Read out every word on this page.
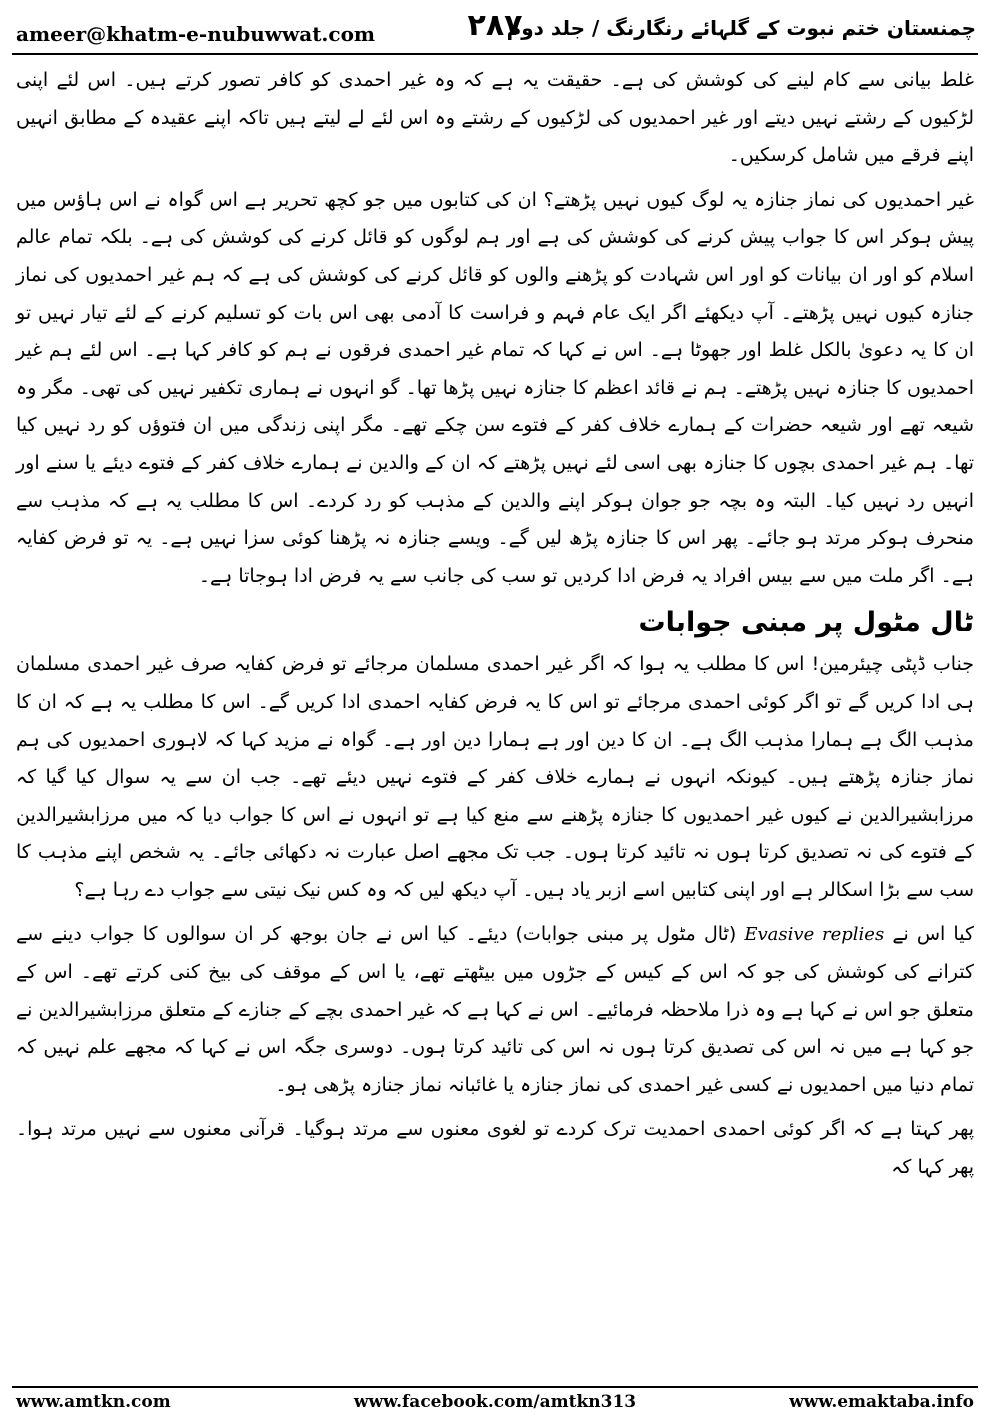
ameer@khatm-e-nubuwwat.com	۲۸۷
چمنستان ختم نبوت کے گلہائے رنگارنگ / جلد دوم

غلط بیانی سے کام لینے کی کوشش کی ہے۔ حقیقت یہ ہے کہ وہ غیر احمدی کو کافر تصور کرتے ہیں۔ اس لئے اپنی لڑکیوں کے رشتے نہیں دیتے اور غیر احمدیوں کی لڑکیوں کے رشتے وہ اس لئے لے لیتے ہیں تاکہ اپنے عقیدہ کے مطابق انہیں اپنے فرقے میں شامل کرسکیں۔

غیر احمدیوں کی نماز جنازہ یہ لوگ کیوں نہیں پڑھتے؟ ان کی کتابوں میں جو کچھ تحریر ہے اس گواہ نے اس ہاؤس میں پیش ہوکر اس کا جواب پیش کرنے کی کوشش کی ہے اور ہم لوگوں کو قائل کرنے کی کوشش کی ہے۔ بلکہ تمام عالم اسلام کو اور ان بیانات کو اور اس شہادت کو پڑھنے والوں کو قائل کرنے کی کوشش کی ہے کہ ہم غیر احمدیوں کی نماز جنازہ کیوں نہیں پڑھتے۔ آپ دیکھئے اگر ایک عام فہم و فراست کا آدمی بھی اس بات کو تسلیم کرنے کے لئے تیار نہیں تو ان کا یہ دعویٰ بالکل غلط اور جھوٹا ہے۔ اس نے کہا کہ تمام غیر احمدی فرقوں نے ہم کو کافر کہا ہے۔ اس لئے ہم غیر احمدیوں کا جنازہ نہیں پڑھتے۔ ہم نے قائد اعظم کا جنازہ نہیں پڑھا تھا۔ گو انہوں نے ہماری تکفیر نہیں کی تھی۔ مگر وہ شیعہ تھے اور شیعہ حضرات کے ہمارے خلاف کفر کے فتوے سن چکے تھے۔ مگر اپنی زندگی میں ان فتوؤں کو رد نہیں کیا تھا۔ ہم غیر احمدی بچوں کا جنازہ بھی اسی لئے نہیں پڑھتے کہ ان کے والدین نے ہمارے خلاف کفر کے فتوے دیئے یا سنے اور انہیں رد نہیں کیا۔ البتہ وہ بچہ جو جوان ہوکر اپنے والدین کے مذہب کو رد کردے۔ اس کا مطلب یہ ہے کہ مذہب سے منحرف ہوکر مرتد ہو جائے۔ پھر اس کا جنازہ پڑھ لیں گے۔ ویسے جنازہ نہ پڑھنا کوئی سزا نہیں ہے۔ یہ تو فرض کفایہ ہے۔ اگر ملت میں سے بیس افراد یہ فرض ادا کردیں تو سب کی جانب سے یہ فرض ادا ہوجاتا ہے۔

ٹال مٹول پر مبنی جوابات

جناب ڈپٹی چیئرمین! اس کا مطلب یہ ہوا کہ اگر غیر احمدی مسلمان مرجائے تو فرض کفایہ صرف غیر احمدی مسلمان ہی ادا کریں گے تو اگر کوئی احمدی مرجائے تو اس کا یہ فرض کفایہ احمدی ادا کریں گے۔ اس کا مطلب یہ ہے کہ ان کا مذہب الگ ہے ہمارا مذہب الگ ہے۔ ان کا دین اور ہے ہمارا دین اور ہے۔ گواہ نے مزید کہا کہ لاہوری احمدیوں کی ہم نماز جنازہ پڑھتے ہیں۔ کیونکہ انہوں نے ہمارے خلاف کفر کے فتوے نہیں دیئے تھے۔ جب ان سے یہ سوال کیا گیا کہ مرزابشیرالدین نے کیوں غیر احمدیوں کا جنازہ پڑھنے سے منع کیا ہے تو انہوں نے اس کا جواب دیا کہ میں مرزابشیرالدین کے فتوے کی نہ تصدیق کرتا ہوں نہ تائید کرتا ہوں۔ جب تک مجھے اصل عبارت نہ دکھائی جائے۔ یہ شخص اپنے مذہب کا سب سے بڑا اسکالر ہے اور اپنی کتابیں اسے ازبر یاد ہیں۔ آپ دیکھ لیں کہ وہ کس نیک نیتی سے جواب دے رہا ہے؟

کیا اس نے Evasive replies (ٹال مٹول پر مبنی جوابات) دیئے۔ کیا اس نے جان بوجھ کر ان سوالوں کا جواب دینے سے کترانے کی کوشش کی جو کہ اس کے کیس کے جڑوں میں بیٹھتے تھے، یا اس کے موقف کی بیخ کنی کرتے تھے۔ اس کے متعلق جو اس نے کہا ہے وہ ذرا ملاحظہ فرمائیے۔ اس نے کہا ہے کہ غیر احمدی بچے کے جنازے کے متعلق مرزابشیرالدین نے جو کہا ہے میں نہ اس کی تصدیق کرتا ہوں نہ اس کی تائید کرتا ہوں۔ دوسری جگہ اس نے کہا کہ مجھے علم نہیں کہ تمام دنیا میں احمدیوں نے کسی غیر احمدی کی نماز جنازہ یا غائبانہ نماز جنازہ پڑھی ہو۔

پھر کہتا ہے کہ اگر کوئی احمدی احمدیت ترک کردے تو لغوی معنوں سے مرتد ہوگیا۔ قرآنی معنوں سے نہیں مرتد ہوا۔ پھر کہا کہ

www.amtkn.com	www.facebook.com/amtkn313	www.emaktaba.info
